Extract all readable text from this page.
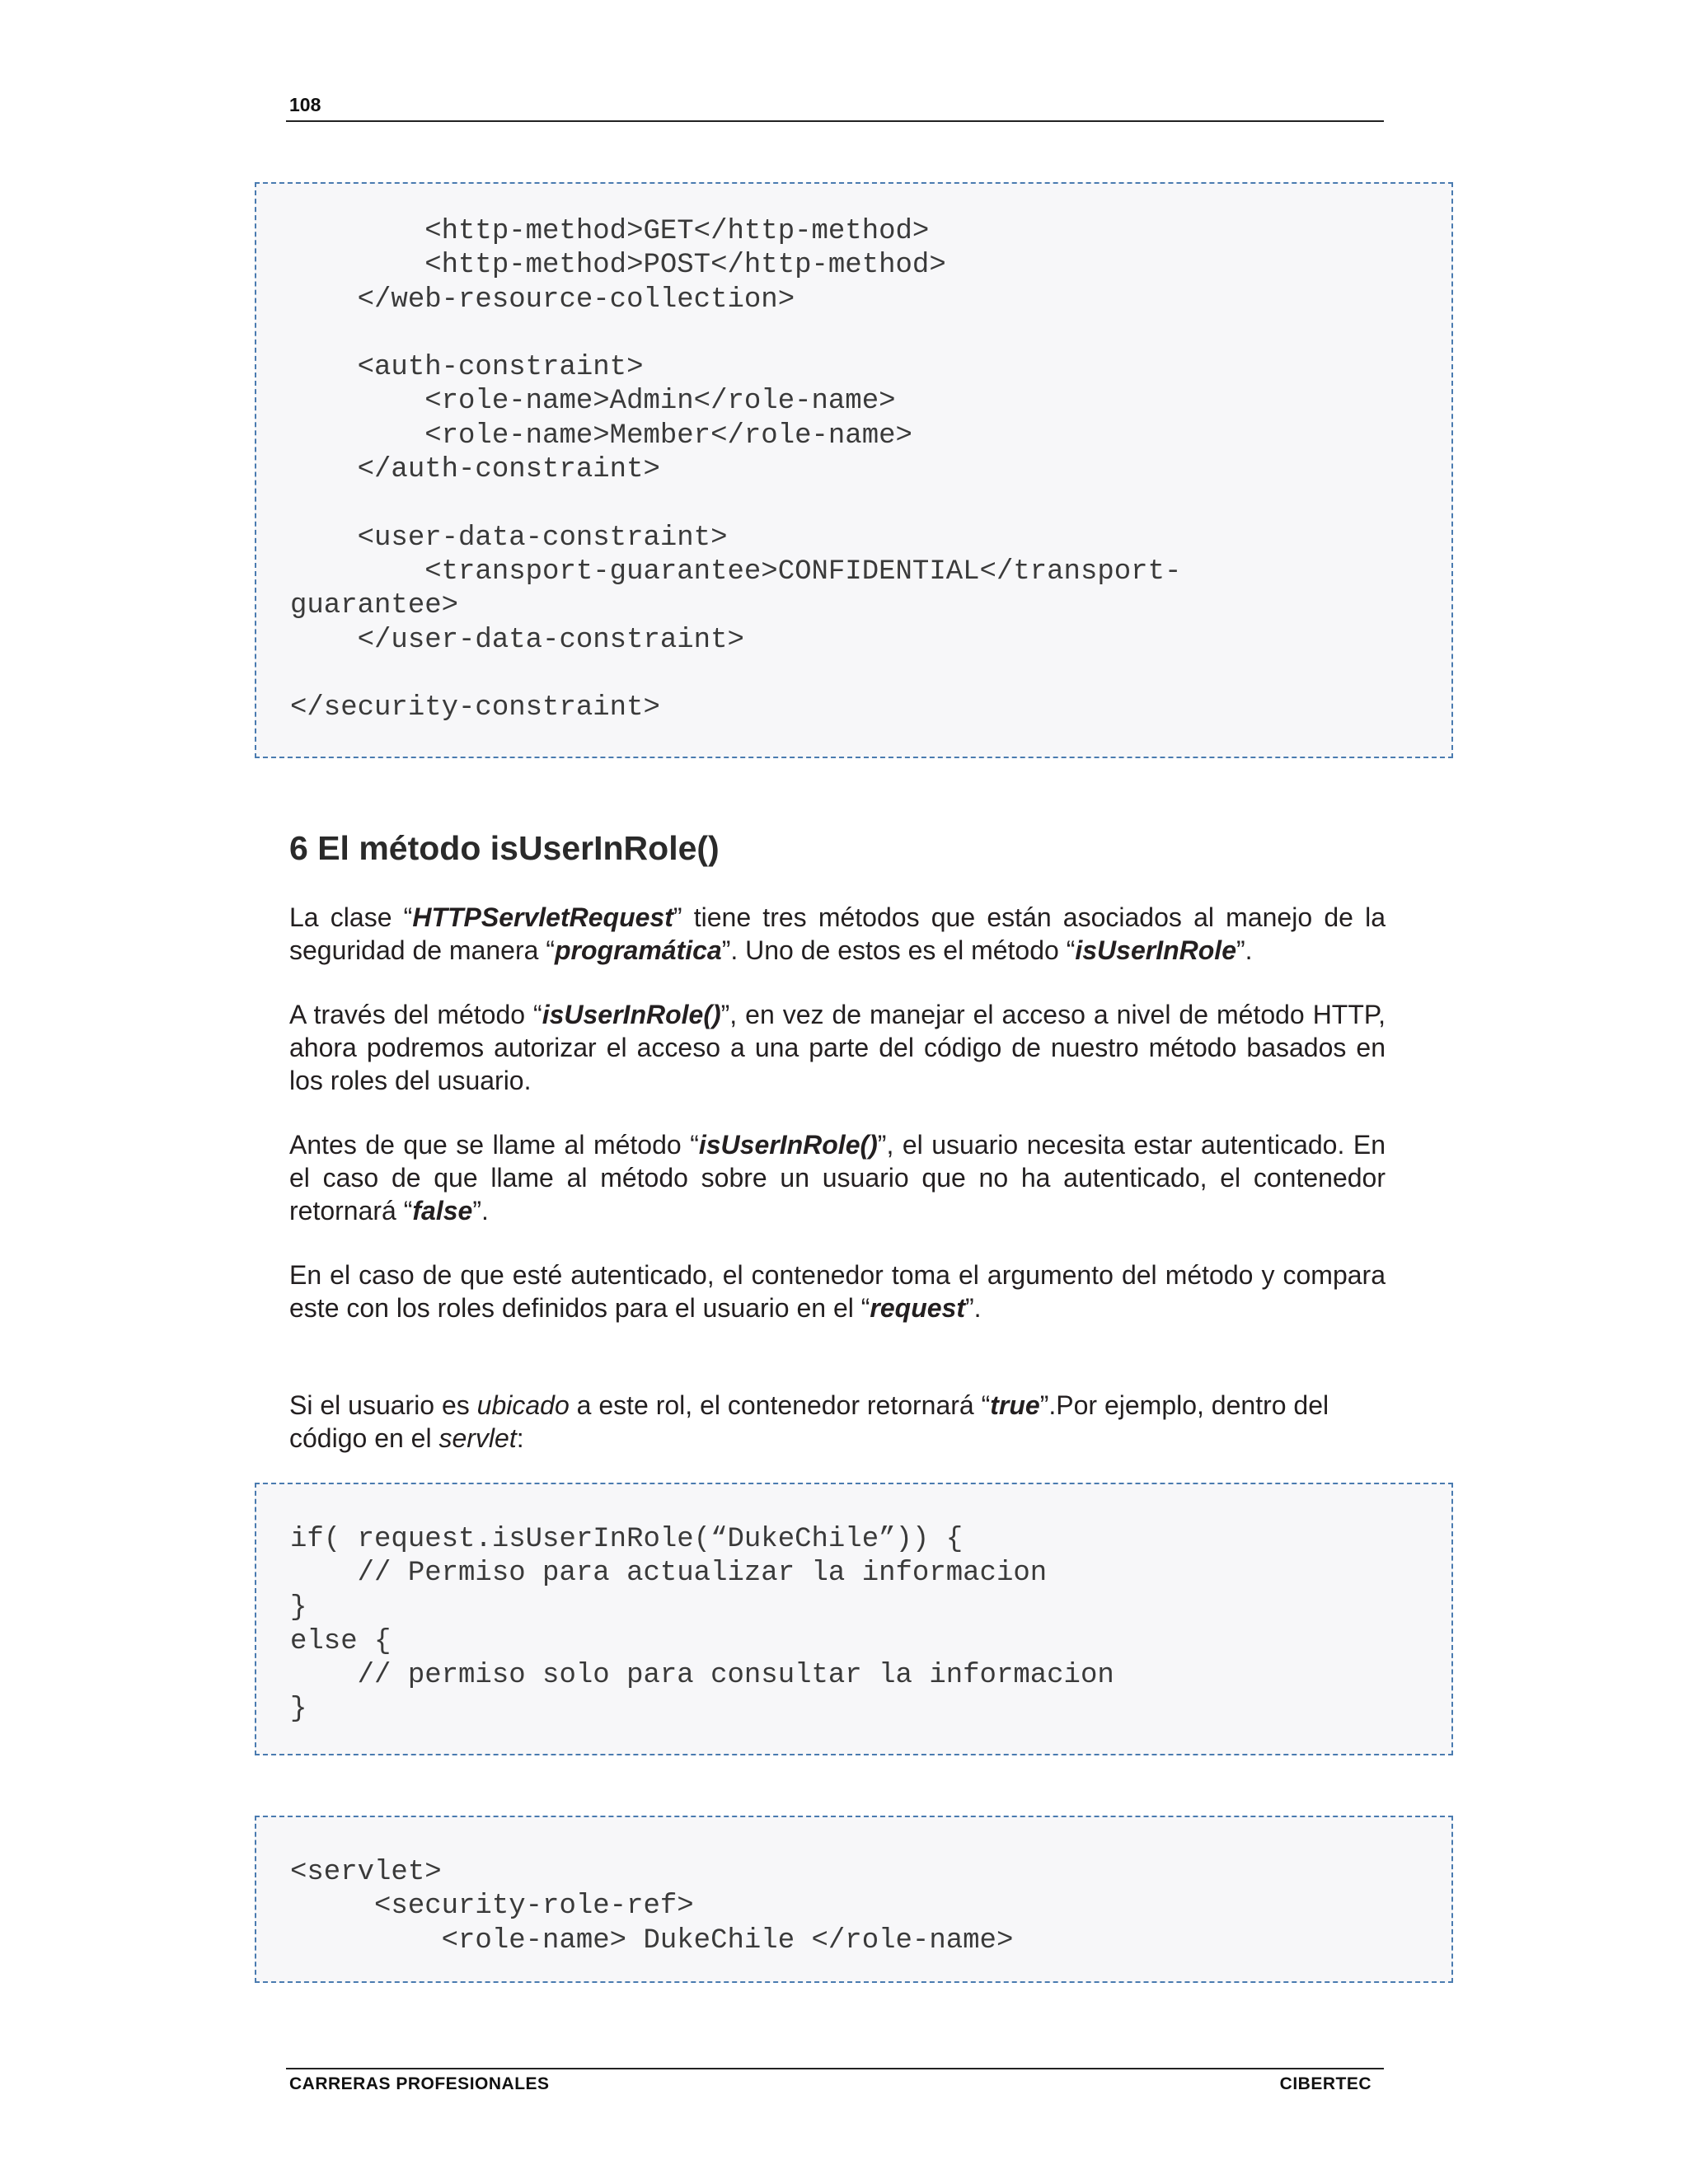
108
<http-method>GET</http-method>
<http-method>POST</http-method>
</web-resource-collection>

<auth-constraint>
<role-name>Admin</role-name>
<role-name>Member</role-name>
</auth-constraint>

<user-data-constraint>
<transport-guarantee>CONFIDENTIAL</transport-
guarantee>
</user-data-constraint>

</security-constraint>
6 El método isUserInRole()

La clase “HTTPServletRequest” tiene tres métodos que están asociados al manejo de la seguridad de manera “programática”. Uno de estos es el método “isUserInRole”.

A través del método “isUserInRole()”, en vez de manejar el acceso a nivel de método HTTP, ahora podremos autorizar el acceso a una parte del código de nuestro método basados en los roles del usuario.

Antes de que se llame al método “isUserInRole()”, el usuario necesita estar autenticado. En el caso de que llame al método sobre un usuario que no ha autenticado, el contenedor retornará “false”.

En el caso de que esté autenticado, el contenedor toma el argumento del método y compara este con los roles definidos para el usuario en el “request”.

Si el usuario es ubicado a este rol, el contenedor retornará “true”.Por ejemplo, dentro del código en el servlet:

if( request.isUserInRole(“DukeChile”)) {
// Permiso para actualizar la informacion
}
else {
// permiso solo para consultar la informacion
}
<servlet>
<security-role-ref>
<role-name> DukeChile </role-name>
CARRERAS PROFESIONALES	CIBERTEC
